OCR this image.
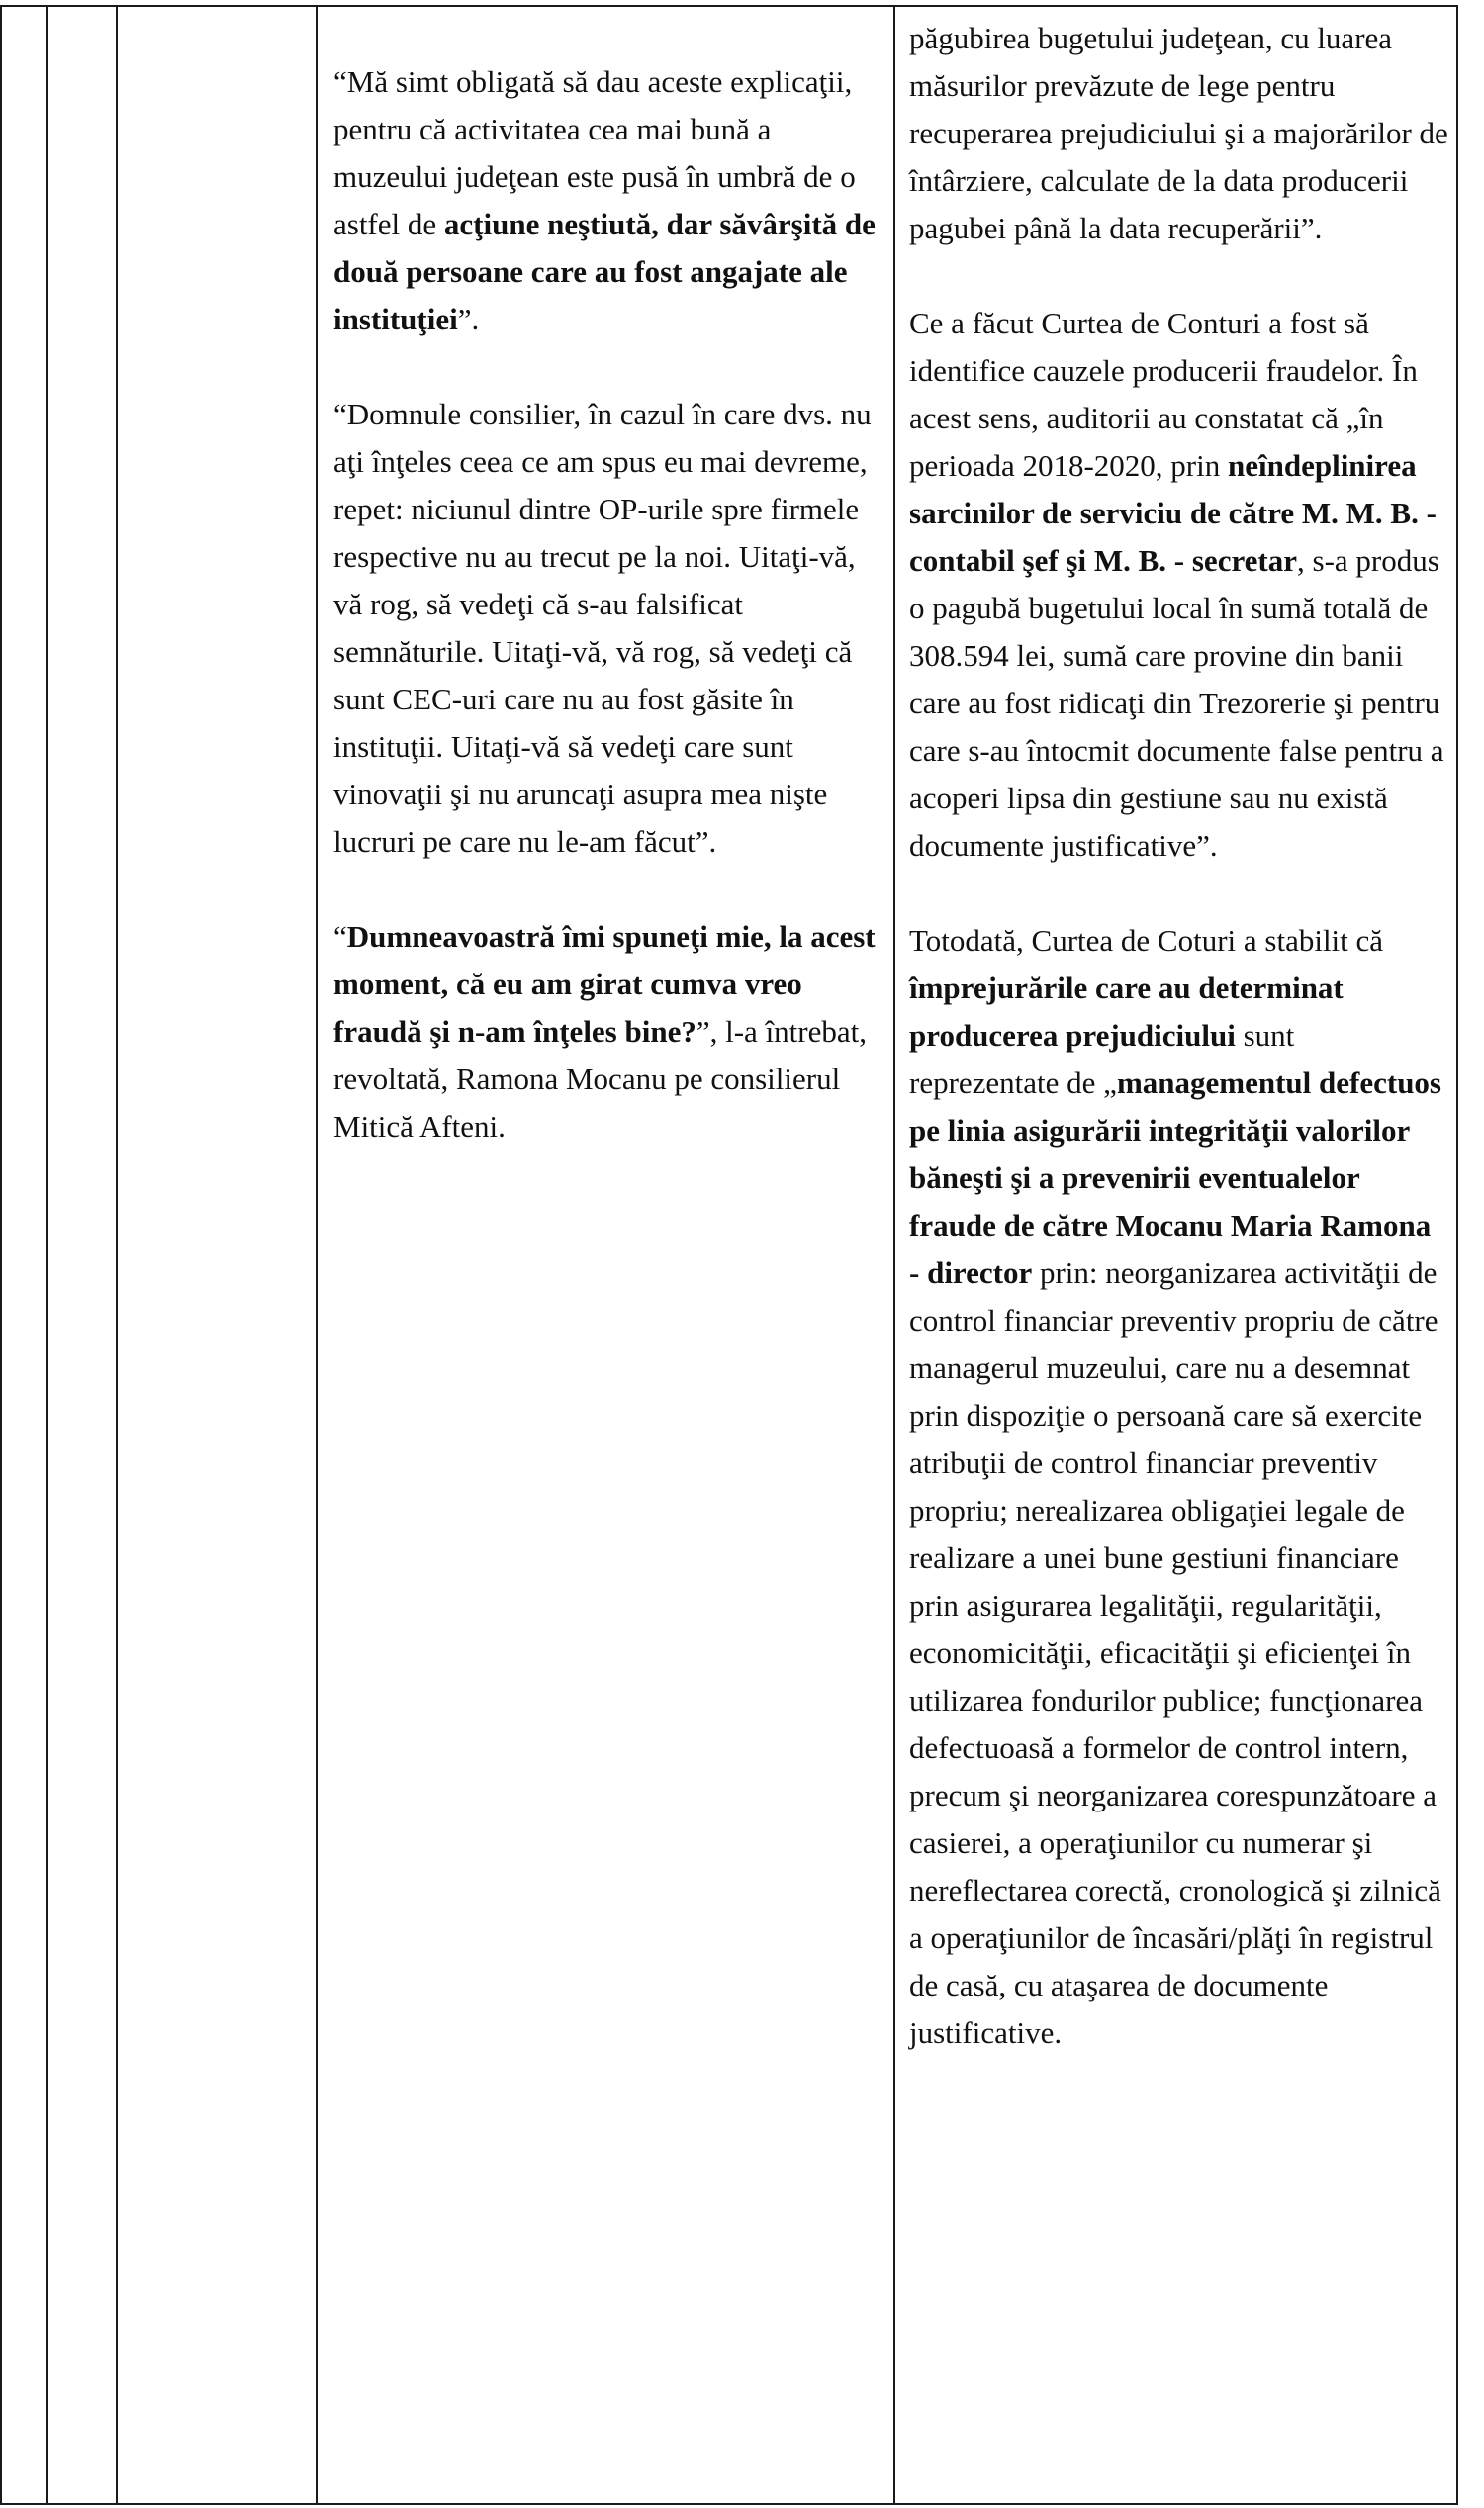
“Mă simt obligată să dau aceste explicaţii, pentru că activitatea cea mai bună a muzeului judeţean este pusă în umbră de o astfel de acţiune neştiută, dar săvârşită de două persoane care au fost angajate ale instituţiei”.

“Domnule consilier, în cazul în care dvs. nu aţi înţeles ceea ce am spus eu mai devreme, repet: niciunul dintre OP-urile spre firmele respective nu au trecut pe la noi. Uitaţi-vă, vă rog, să vedeţi că s-au falsificat semnăturile. Uitaţi-vă, vă rog, să vedeţi că sunt CEC-uri care nu au fost găsite în instituţii. Uitaţi-vă să vedeţi care sunt vinovaţii şi nu aruncaţi asupra mea nişte lucruri pe care nu le-am făcut”.

“Dumneavoastră îmi spuneţi mie, la acest moment, că eu am girat cumva vreo fraudă şi n-am înţeles bine?”, l-a întrebat, revoltată, Ramona Mocanu pe consilierul Mitică Afteni.

păgubirea bugetului judeţean, cu luarea măsurilor prevăzute de lege pentru recuperarea prejudiciului şi a majorărilor de întârziere, calculate de la data producerii pagubei până la data recuperării”.

Ce a făcut Curtea de Conturi a fost să identifice cauzele producerii fraudelor. În acest sens, auditorii au constatat că „în perioada 2018-2020, prin neîndeplinirea sarcinilor de serviciu de către M. M. B. - contabil şef şi M. B. - secretar, s-a produs o pagubă bugetului local în sumă totală de 308.594 lei, sumă care provine din banii care au fost ridicaţi din Trezorerie şi pentru care s-au întocmit documente false pentru a acoperi lipsa din gestiune sau nu există documente justificative”.

Totodată, Curtea de Coturi a stabilit că împrejurările care au determinat producerea prejudiciului sunt reprezentate de „managementul defectuos pe linia asigurării integrităţii valorilor băneşti şi a prevenirii eventualelor fraude de către Mocanu Maria Ramona - director prin: neorganizarea activităţii de control financiar preventiv propriu de către managerul muzeului, care nu a desemnat prin dispoziţie o persoană care să exercite atribuţii de control financiar preventiv propriu; nerealizarea obligaţiei legale de realizare a unei bune gestiuni financiare prin asigurarea legalităţii, regularităţii, economicităţii, eficacităţii şi eficienţei în utilizarea fondurilor publice; funcţionarea defectuoasă a formelor de control intern, precum şi neorganizarea corespunzătoare a casierei, a operaţiunilor cu numerar şi nereflectarea corectă, cronologică şi zilnică a operaţiunilor de încasări/plăţi în registrul de casă, cu ataşarea de documente justificative.
